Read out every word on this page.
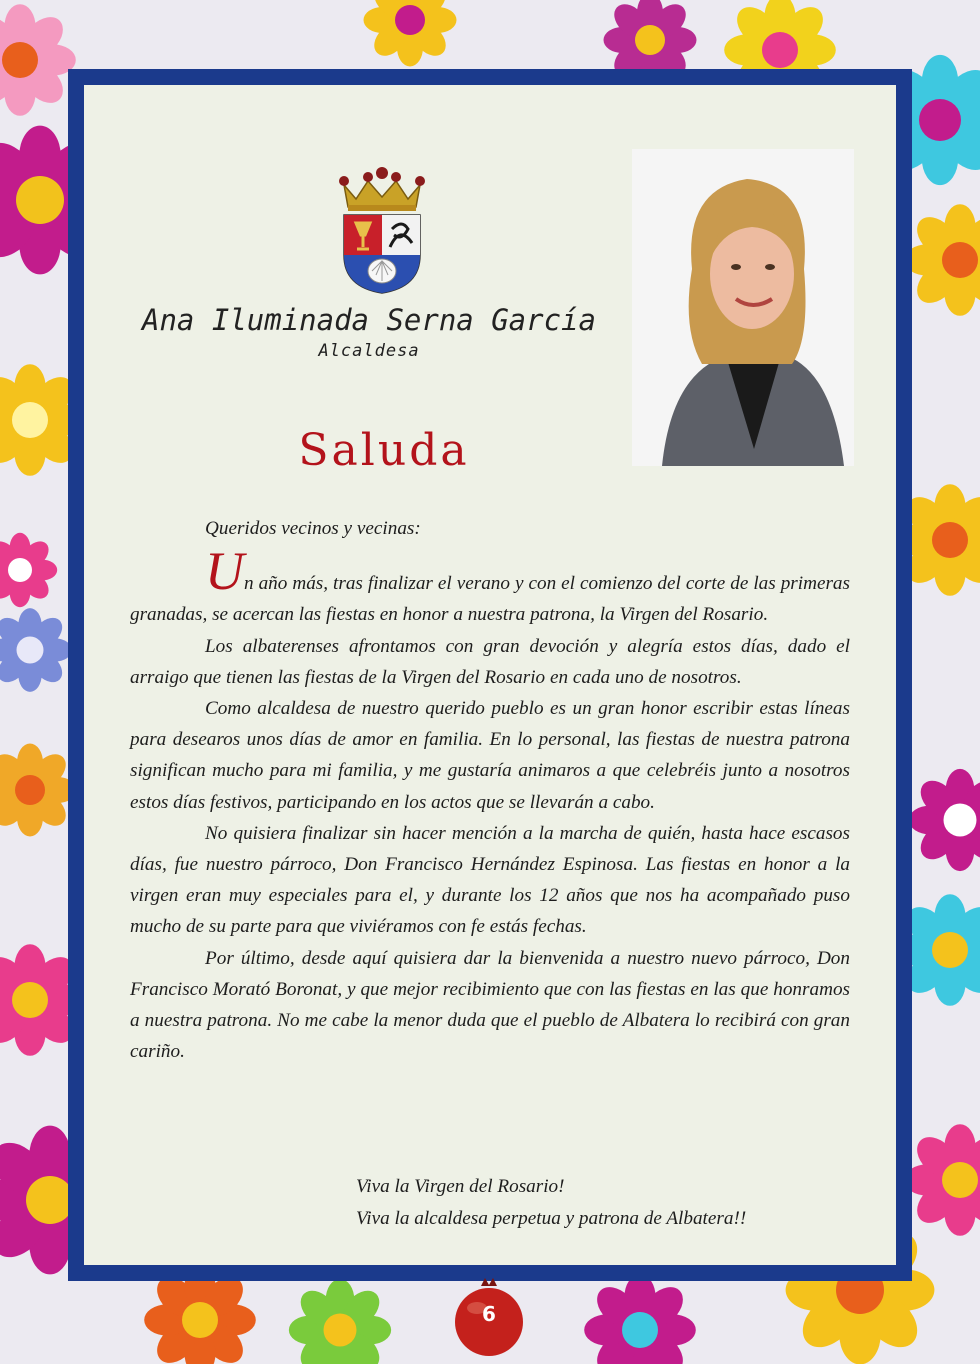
Ana Iluminada Serna García
Alcaldesa
Saluda

Queridos vecinos y vecinas:

Un año más, tras finalizar el verano y con el comienzo del corte de las primeras granadas, se acercan las fiestas en honor a nuestra patrona, la Virgen del Rosario.

Los albaterenses afrontamos con gran devoción y alegría estos días, dado el arraigo que tienen las fiestas de la Virgen del Rosario en cada uno de nosotros.

Como alcaldesa de nuestro querido pueblo es un gran honor escribir estas líneas para desearos unos días de amor en familia. En lo personal, las fiestas de nuestra patrona significan mucho para mi familia, y me gustaría animaros a que celebréis junto a nosotros estos días festivos, participando en los actos que se llevarán a cabo.

No quisiera finalizar sin hacer mención a la marcha de quién, hasta hace escasos días, fue nuestro párroco, Don Francisco Hernández Espinosa. Las fiestas en honor a la virgen eran muy especiales para el, y durante los 12 años que nos ha acompañado puso mucho de su parte para que viviéramos con fe estás fechas.

Por último, desde aquí quisiera dar la bienvenida a nuestro nuevo párroco, Don Francisco Morató Boronat, y que mejor recibimiento que con las fiestas en las que honramos a nuestra patrona. No me cabe la menor duda que el pueblo de Albatera lo recibirá con gran cariño.

Viva la Virgen del Rosario!
Viva la alcaldesa perpetua y patrona de Albatera!!
6
